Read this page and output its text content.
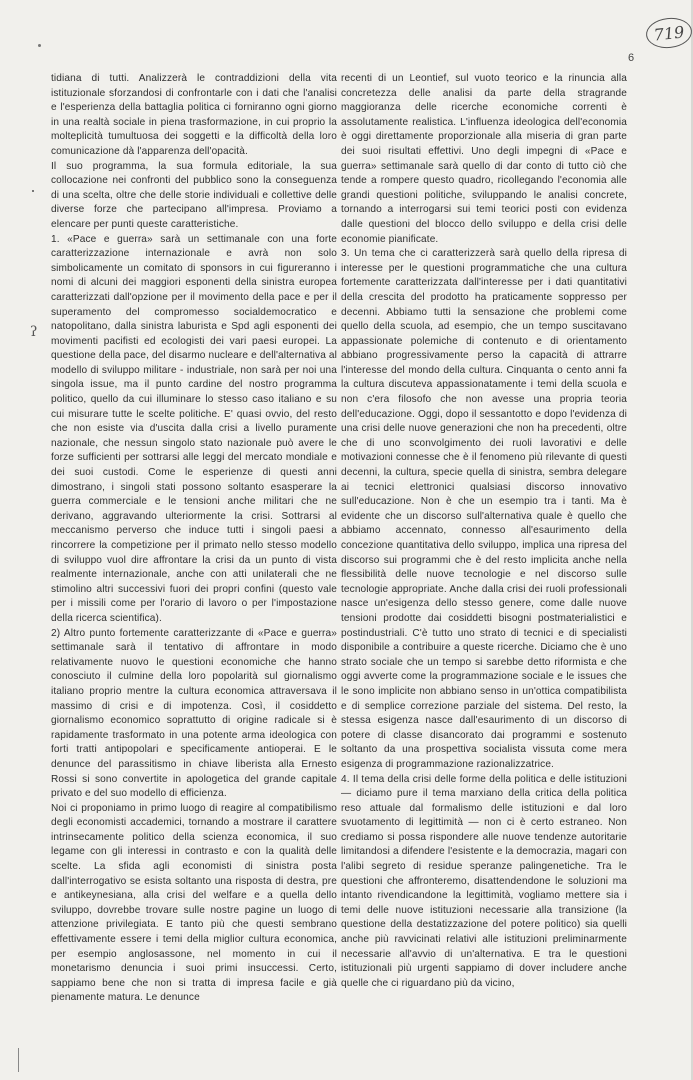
719
6
ʔ

tidiana di tutti. Analizzerà le contraddizioni della vita istituzionale sforzandosi di confrontarle con i dati che l'analisi e l'esperienza della battaglia politica ci forniranno ogni giorno in una realtà sociale in piena trasformazione, in cui proprio la molteplicità tumultuosa dei soggetti e la difficoltà della loro comunicazione dà l'apparenza dell'opacità.

Il suo programma, la sua formula editoriale, la sua collocazione nei confronti del pubblico sono la conseguenza di una scelta, oltre che delle storie individuali e collettive delle diverse forze che partecipano all'impresa. Proviamo a elencare per punti queste caratteristiche.

1. «Pace e guerra» sarà un settimanale con una forte caratterizzazione internazionale e avrà non solo simbolicamente un comitato di sponsors in cui figureranno i nomi di alcuni dei maggiori esponenti della sinistra europea caratterizzati dall'opzione per il movimento della pace e per il superamento del compromesso socialdemocratico e natopolitano, dalla sinistra laburista e Spd agli esponenti dei movimenti pacifisti ed ecologisti dei vari paesi europei. La questione della pace, del disarmo nucleare e dell'alternativa al modello di sviluppo militare - industriale, non sarà per noi una singola issue, ma il punto cardine del nostro programma politico, quello da cui illuminare lo stesso caso italiano e su cui misurare tutte le scelte politiche. E' quasi ovvio, del resto che non esiste via d'uscita dalla crisi a livello puramente nazionale, che nessun singolo stato nazionale può avere le forze sufficienti per sottrarsi alle leggi del mercato mondiale e dei suoi custodi. Come le esperienze di questi anni dimostrano, i singoli stati possono soltanto esasperare la guerra commerciale e le tensioni anche militari che ne derivano, aggravando ulteriormente la crisi. Sottrarsi al meccanismo perverso che induce tutti i singoli paesi a rincorrere la competizione per il primato nello stesso modello di sviluppo vuol dire affrontare la crisi da un punto di vista realmente internazionale, anche con atti unilaterali che ne stimolino altri successivi fuori dei propri confini (questo vale per i missili come per l'orario di lavoro o per l'impostazione della ricerca scientifica).

2) Altro punto fortemente caratterizzante di «Pace e guerra» settimanale sarà il tentativo di affrontare in modo relativamente nuovo le questioni economiche che hanno conosciuto il culmine della loro popolarità sul giornalismo italiano proprio mentre la cultura economica attraversava il massimo di crisi e di impotenza. Così, il cosiddetto giornalismo economico soprattutto di origine radicale si è rapidamente trasformato in una potente arma ideologica con forti tratti antipopolari e specificamente antioperai. E le denunce del parassitismo in chiave liberista alla Ernesto Rossi si sono convertite in apologetica del grande capitale privato e del suo modello di efficienza.

Noi ci proponiamo in primo luogo di reagire al compatibilismo degli economisti accademici, tornando a mostrare il carattere intrinsecamente politico della scienza economica, il suo legame con gli interessi in contrasto e con la qualità delle scelte. La sfida agli economisti di sinistra posta dall'interrogativo se esista soltanto una risposta di destra, pre e antikeynesiana, alla crisi del welfare e a quella dello sviluppo, dovrebbe trovare sulle nostre pagine un luogo di attenzione privilegiata. E tanto più che questi sembrano effettivamente essere i temi della miglior cultura economica, per esempio anglosassone, nel momento in cui il monetarismo denuncia i suoi primi insuccessi. Certo, sappiamo bene che non si tratta di impresa facile e già pienamente matura. Le denunce

recenti di un Leontief, sul vuoto teorico e la rinuncia alla concretezza delle analisi da parte della stragrande maggioranza delle ricerche economiche correnti è assolutamente realistica. L'influenza ideologica dell'economia è oggi direttamente proporzionale alla miseria di gran parte dei suoi risultati effettivi. Uno degli impegni di «Pace e guerra» settimanale sarà quello di dar conto di tutto ciò che tende a rompere questo quadro, ricollegando l'economia alle grandi questioni politiche, sviluppando le analisi concrete, tornando a interrogarsi sui temi teorici posti con evidenza dalle questioni del blocco dello sviluppo e della crisi delle economie pianificate.

3. Un tema che ci caratterizzerà sarà quello della ripresa di interesse per le questioni programmatiche che una cultura fortemente caratterizzata dall'interesse per i dati quantitativi della crescita del prodotto ha praticamente soppresso per decenni. Abbiamo tutti la sensazione che problemi come quello della scuola, ad esempio, che un tempo suscitavano appassionate polemiche di contenuto e di orientamento abbiano progressivamente perso la capacità di attrarre l'interesse del mondo della cultura. Cinquanta o cento anni fa la cultura discuteva appassionatamente i temi della scuola e non c'era filosofo che non avesse una propria teoria dell'educazione. Oggi, dopo il sessantotto e dopo l'evidenza di una crisi delle nuove generazioni che non ha precedenti, oltre che di uno sconvolgimento dei ruoli lavorativi e delle motivazioni connesse che è il fenomeno più rilevante di questi decenni, la cultura, specie quella di sinistra, sembra delegare ai tecnici elettronici qualsiasi discorso innovativo sull'educazione. Non è che un esempio tra i tanti. Ma è evidente che un discorso sull'alternativa quale è quello che abbiamo accennato, connesso all'esaurimento della concezione quantitativa dello sviluppo, implica una ripresa del discorso sui programmi che è del resto implicita anche nella flessibilità delle nuove tecnologie e nel discorso sulle tecnologie appropriate. Anche dalla crisi dei ruoli professionali nasce un'esigenza dello stesso genere, come dalle nuove tensioni prodotte dai cosiddetti bisogni postmaterialistici e postindustriali. C'è tutto uno strato di tecnici e di specialisti disponibile a contribuire a queste ricerche. Diciamo che è uno strato sociale che un tempo si sarebbe detto riformista e che oggi avverte come la programmazione sociale e le issues che le sono implicite non abbiano senso in un'ottica compatibilista e di semplice correzione parziale del sistema. Del resto, la stessa esigenza nasce dall'esaurimento di un discorso di potere di classe disancorato dai programmi e sostenuto soltanto da una prospettiva socialista vissuta come mera esigenza di programmazione razionalizzatrice.

4. Il tema della crisi delle forme della politica e delle istituzioni — diciamo pure il tema marxiano della critica della politica reso attuale dal formalismo delle istituzioni e dal loro svuotamento di legittimità — non ci è certo estraneo. Non crediamo si possa rispondere alle nuove tendenze autoritarie limitandosi a difendere l'esistente e la democrazia, magari con l'alibi segreto di residue speranze palingenetiche. Tra le questioni che affronteremo, disattendendone le soluzioni ma intanto rivendicandone la legittimità, vogliamo mettere sia i temi delle nuove istituzioni necessarie alla transizione (la questione della destatizzazione del potere politico) sia quelli anche più ravvicinati relativi alle istituzioni preliminarmente necessarie all'avvio di un'alternativa. E tra le questioni istituzionali più urgenti sappiamo di dover includere anche quelle che ci riguardano più da vicino,
